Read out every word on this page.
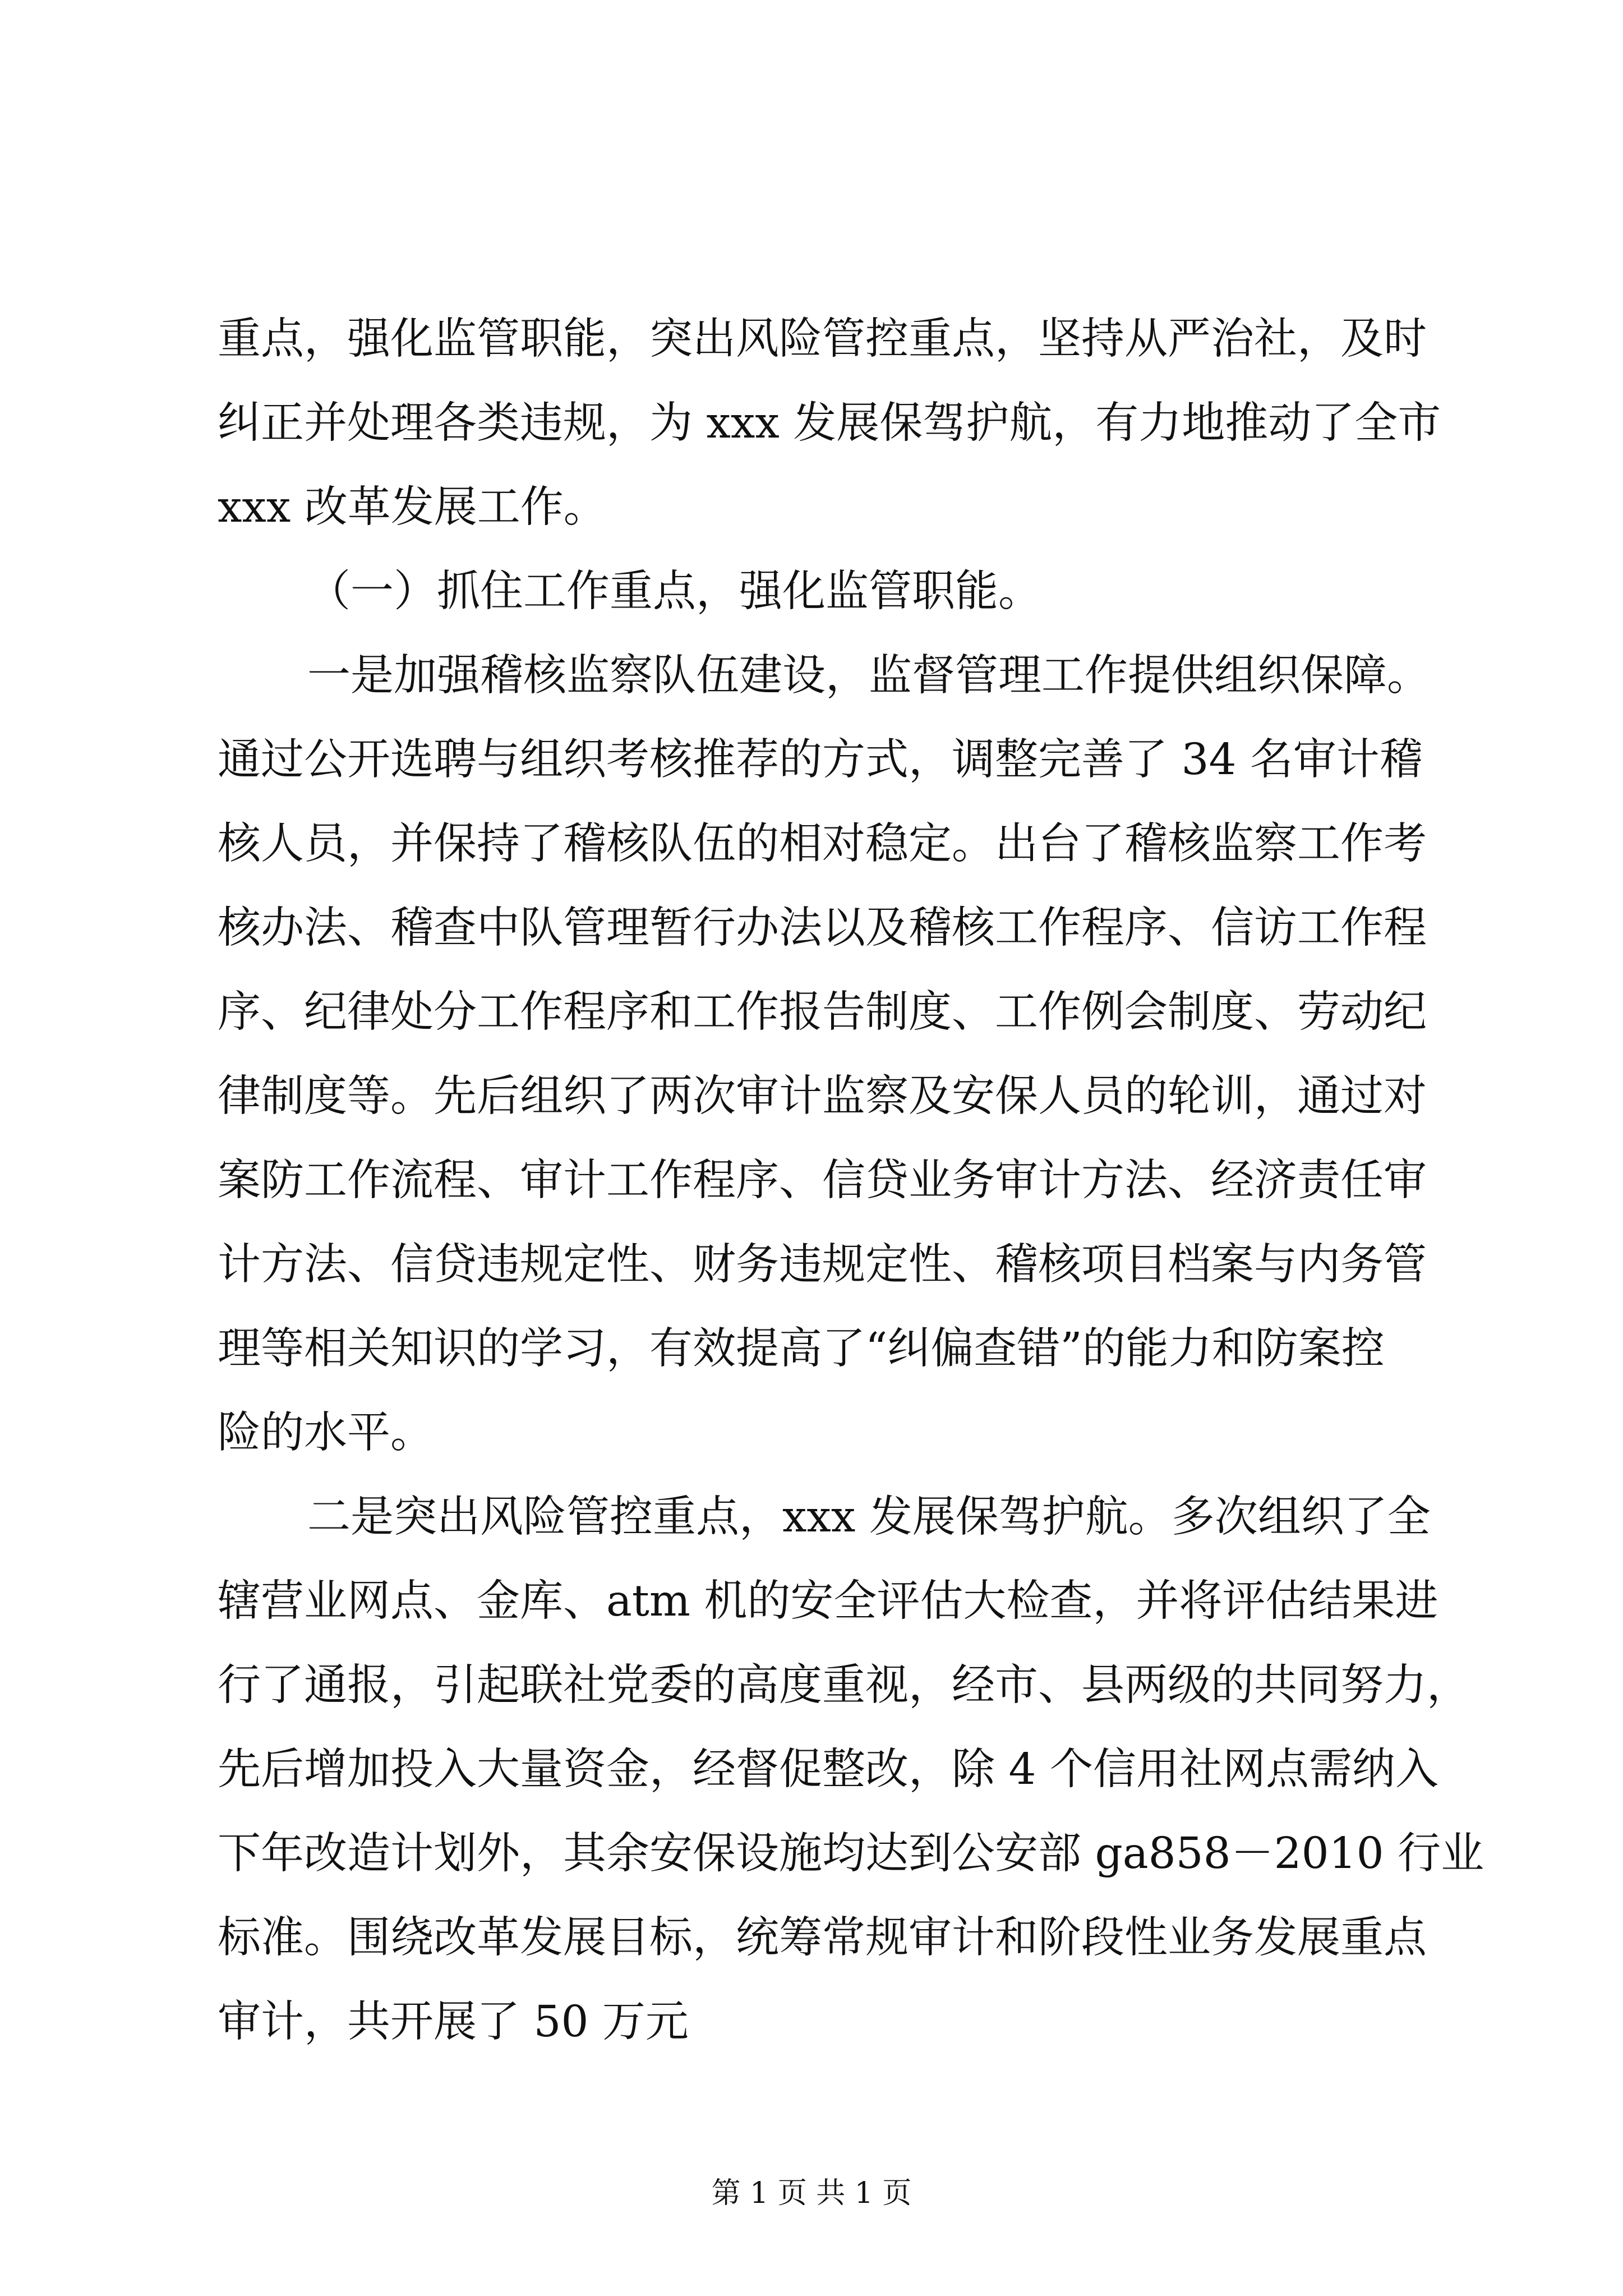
重点，强化监管职能，突出风险管控重点，坚持从严治社，及时
纠正并处理各类违规，为 xxx 发展保驾护航，有力地推动了全市
xxx 改革发展工作。
（一）抓住工作重点，强化监管职能。
一是加强稽核监察队伍建设，监督管理工作提供组织保障。
通过公开选聘与组织考核推荐的方式，调整完善了 34 名审计稽
核人员，并保持了稽核队伍的相对稳定。出台了稽核监察工作考
核办法、稽查中队管理暂行办法以及稽核工作程序、信访工作程
序、纪律处分工作程序和工作报告制度、工作例会制度、劳动纪
律制度等。先后组织了两次审计监察及安保人员的轮训，通过对
案防工作流程、审计工作程序、信贷业务审计方法、经济责任审
计方法、信贷违规定性、财务违规定性、稽核项目档案与内务管
理等相关知识的学习，有效提高了“纠偏查错”的能力和防案控
险的水平。
二是突出风险管控重点，xxx 发展保驾护航。多次组织了全
辖营业网点、金库、atm 机的安全评估大检查，并将评估结果进
行了通报，引起联社党委的高度重视，经市、县两级的共同努力，
先后增加投入大量资金，经督促整改，除 4 个信用社网点需纳入
下年改造计划外，其余安保设施均达到公安部 ga858－2010 行业
标准。围绕改革发展目标，统筹常规审计和阶段性业务发展重点
审计，共开展了 50 万元
第 1 页 共 1 页
